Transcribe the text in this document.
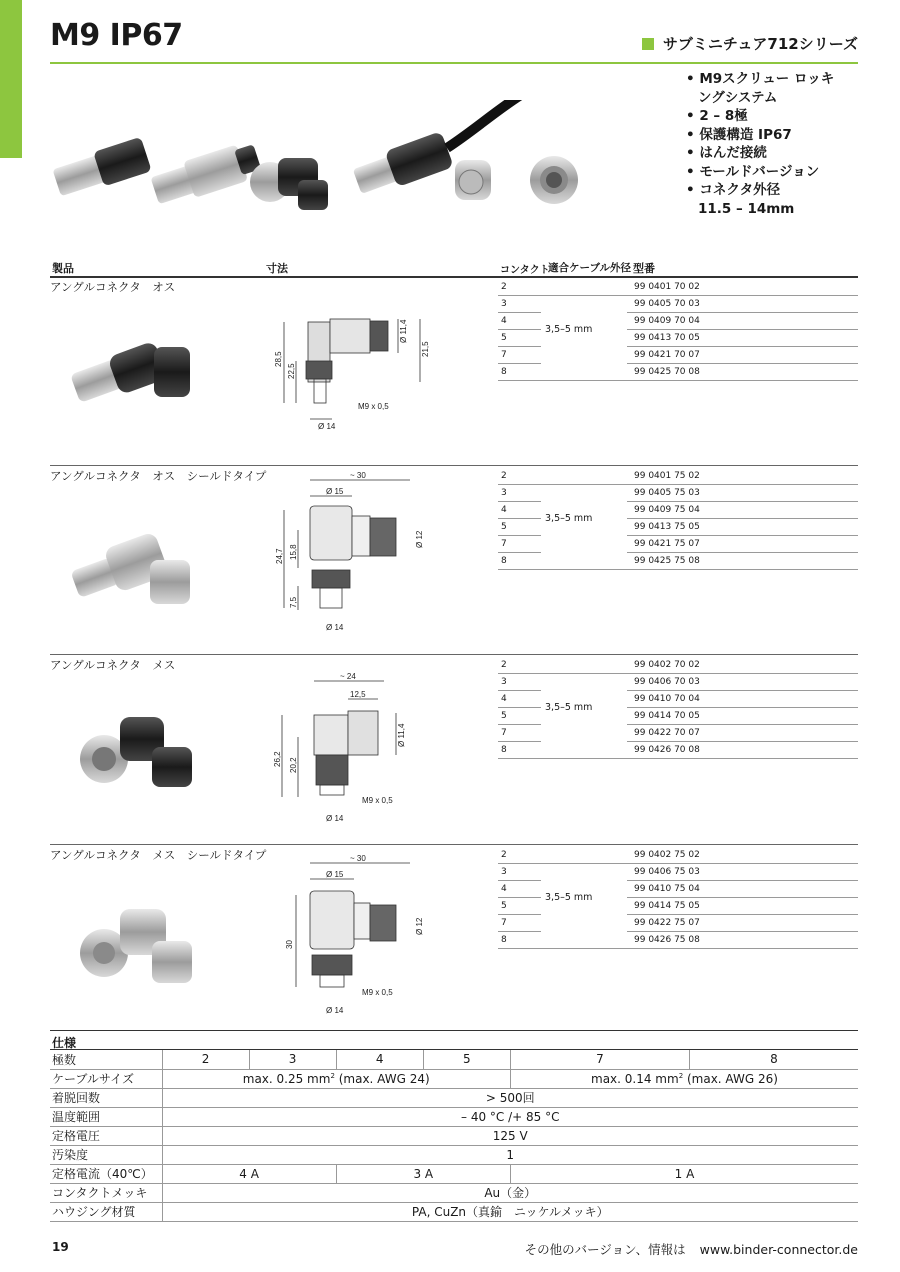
M9 IP67	サブミニチュア712シリーズ
• M9スクリュー ロッキングシステム
• 2 – 8極
• 保護構造 IP67
• はんだ接続
• モールドバージョン
• コネクタ外径 11.5 – 14mm
製品	寸法	コンタクト
適合ケーブル外径 型番
アングルコネクタ　オス
28,5
22,5
Ø 11,4
21,5
M9 x 0,5
Ø 14
2	99 0401 70 02
3	99 0405 70 03
4	99 0409 70 04
5	99 0413 70 05
7	99 0421 70 07
8	99 0425 70 08
3,5–5 mm
アングルコネクタ　オス　シールドタイプ	~ 30
Ø 15
24,7 15,8
Ø 12
7,5
Ø 14
2	99 0401 75 02
3	99 0405 75 03
4	99 0409 75 04
5	99 0413 75 05
7	99 0421 75 07
8	99 0425 75 08
3,5–5 mm
アングルコネクタ　メス
~ 24
12,5
Ø 11,4
26,2 20,2
M9 x 0,5
Ø 14
2	99 0402 70 02
3	99 0406 70 03
4	99 0410 70 04
5	99 0414 70 05
7	99 0422 70 07
8	99 0426 70 08
3,5–5 mm
アングルコネクタ　メス　シールドタイプ	~ 30
Ø 15
30
Ø 12
M9 x 0,5
Ø 14
2	99 0402 75 02
3	99 0406 75 03
4	99 0410 75 04
5	99 0414 75 05
7	99 0422 75 07
8	99 0426 75 08
3,5–5 mm
仕様
極数	2	3	4	5	7	8
ケーブルサイズ	max. 0.25 $mm^2$ (max. AWG 24)				max. 0.14 $mm^2$ (max. AWG 26)	
着脱回数	> 500回					
温度範囲	– 40 °C /+ 85 °C					
定格電圧	125 V					
汚染度	1					
定格電流（40℃）	4 A		3 A		1 A	
コンタクトメッキ	Au（金）					
ハウジング材質	PA, CuZn（真鍮　ニッケルメッキ）					
19	その他のバージョン、情報は www.binder-connector.de
